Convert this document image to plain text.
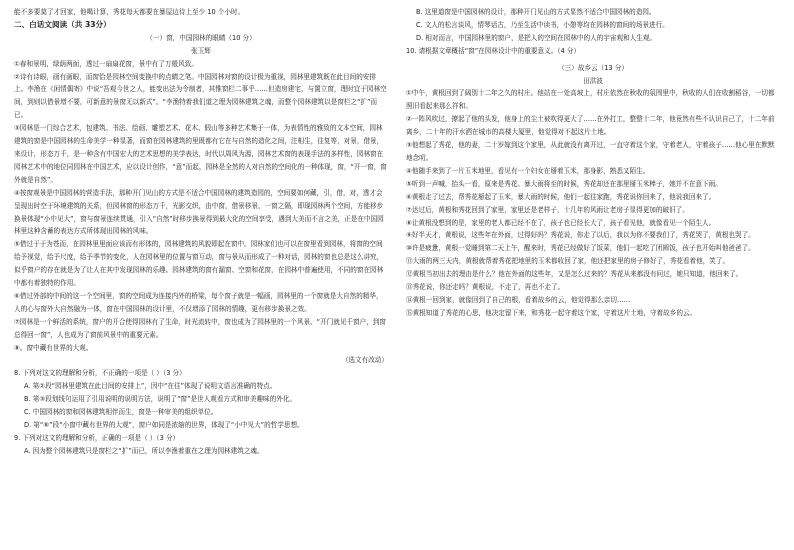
能不多要莫了才回家，他喝计算，秀花每天都要在暴屋边待上至少 10 个小时。

二、白话文阅读（共 33分）

（一）窗，中国园林的眼睛（10 分）

张玉辉

①春和景明，绿荫两面，透过一扇扇花窗，景中有了万般风致。

②诗有诗眼，画有画眼，而窗恰是园林空间变换中的点睛之笔。中国园林对窗的设计极为重视，园林里建筑既在此目间的安排上。李渔在《闲情偶寄》中说“吾观今世之人，能变出法为令制者，其惟窗栏二事乎……但造房建宅，与置立窗，理时宜于园林空间，到则以借景增不要，可新意的景窗无以新式”。“李渔特着我们道之理为园林建筑之魂，而整个园林建筑以是窗栏之“扩”而已。

③园林是一门综合艺术，包建筑、书法、绘画、雕塑艺术、花木、假山等多种艺术集于一体，为表情性的雅致的文本空间，园林建筑的窗是中国园林的生命美学一种显著，而窗在园林建筑的里既都有它在与自然的造化之间，注相生，往复等，对景，借景，来设计，形态万千，是一种含有中国宏大的艺术思想的美学表达，时代以周风为源，园林艺术窗的表现手法的多样性，园林窗在园林艺术中的地位同园林在中国艺术，应以设计创作，“意”而起，园林是全然的人对自然的空间化的一种体现，窗，“开一窗，窗外就是自然”。

④按窗观景是中国园林的营造手法，那种开门见山的方式是不适合中国园林的建筑造园的，空间要如何藏，引，借，对，透才会呈现出时空于环境建筑的关系，但园林窗的形态万千，光影交织，由中窗，借景移景，一窗之隔，即现园林两个空间，方能移步换景体现“小中见大”，窗与窗景连续贯通，引入“自然”时移步换景得到最大化的空间享受，遇到大美而不言之美，正是在中国园林里这种含蓄的表达方式所体现出园林的风味。

⑤借过于于为苍而，在园林里里面应该而有形体的，园林建筑的风貌即起在窗中。园林家们也可以在窗里看到园林，将窗的空间给予视觉，给予尺度，给予季节的变化，人在园林里的位置与窗互动，窗与景从而形成了一种对话，园林的窗也总是这么讲究，似乎窗户的存在就是为了让人在其中发现园林的乐趣。园林建筑的窗有漏窗、空窗和花窗，在园林中普遍使用，不同的窗在园林中都有着独特的作用。

⑥借过外部的中间的这一个空间里，窗的空间成为连接内外的桥梁，每个窗子就是一幅画，园林里的一个窗就是大自然的精华，人的心与窗外大自然融为一体，窗在中国园林的设计里，不仅增添了园林的情趣，更有移步换景之效。

⑦园林是一个鲜活的系统，窗户的开合使得园林有了生命，时光流转中，窗也成为了园林里的一个风景。“开门就见千窗户，到窗总得回一窗”，人也成为了窗前风景中的重要元素。

⑧。窗中藏有世界的大观。

（选文有改动）

8. 下列对这文的理解和分析，不正确的一项是（ ）（3 分）

A. 第②段“园林里建筑在此目间的安排上”，因中“在往”体现了说明文语言准确的特点。

B. 第③段划线句运用了引用说明的说明方法，说明了“窗”是世人观看方式和审美趣味的外化。

C. 中国园林的窗和园林建筑相伴而生，窗是一种审美的组织单位。

D. 第“⑧”段“小窗中藏有世界的大观”，窗户如同是浓缩的世界，体现了“小中见大”的哲学思想。

9. 下列对这文的理解和分析，正确的一项是（ ）（3 分）

A. 因为整个园林建筑只是窗栏之“扩”而已，所以李渔着重在之理为园林建筑之魂。

B. 这里道窗是中国园林的设计，那种开门见山的方式显然不适合中国园林的造园。

C. 文人的松言谈风，情琴话古，乃至生活中读书，小憩等均在园林的窗间的场景进行。

D. 相对而言，中国园林里的窗户，是把人的空间在园林中的人的宇宙观和人生观。

10. 请根据文章概括“窗”在园林设计中的重要意义。（4 分）

（三）故乡云（13 分）

田洪波

①中午，黄根回到了阔别十二年之久的村庄。他站在一处高坡上，村庄依然在秋收的氛围里中，秋收的人们在收割稻谷，一切都照旧看起来那么祥和。

②一阵风吹过，撩起了他的头发，他身上的尘土被吹得更大了……在外打工，整整十二年，他竟然有些不认识自己了，十二年前离乡，二十年的汗水洒在城市的高楼大厦里，他觉得对不起这片土地。

③他想起了秀花，他的妻，二十岁嫁到这个家里，从此就没有离开过，一直守着这个家，守着老人，守着孩子……他心里在默默地念叨。

④他随手来到了一片玉米地里，看见有一个妇女在掰着玉米，那身影，熟悉又陌生。

⑤听到一声喊，抬头一看，原来是秀花。暴大雨将至的时候，秀花却还在那里掰玉米棒子，她并不在意下雨。

⑥黄根走了过去，帮秀花掰起了玉米，暴大雨的时候，他们一起往家跑，秀花说你回来了，他说我回来了。

⑦达过后，黄根和秀花回到了家里，家里还是老样子，十几年的风雨让老房子显得更加的破旧了。

⑧让黄根没想到的是，家里的老人都已经不在了，孩子也已经长大了，孩子看见他，就像看见一个陌生人。

⑨好半天才，黄根说，这些年在外面，过得好吗？秀花说，你走了以后，我以为你不要我们了，秀花哭了，黄根也哭了。

⑩许是疲惫，黄根一觉睡到第二天上午，醒来时，秀花已经做好了饭菜，他们一起吃了团圆饭，孩子也开始叫他爸爸了。

⑪大雨的两三天内，黄根就帮着秀花把地里的玉米都收回了家，他还把家里的房子修好了，秀花看着他，笑了。

⑫黄根当初出去的理由是什么？他在外面的这些年，又是怎么过来的？秀花从来都没有问过，她只知道，他回来了。

⑬秀花说，你还走吗？黄根说，不走了，再也不走了。

⑭黄根一回到家，就像回到了自己的根，看着故乡的云，他觉得那么亲切……

⑮黄根知道了秀花的心思，他决定留下来，和秀花一起守着这个家，守着这片土地，守着故乡的云。
